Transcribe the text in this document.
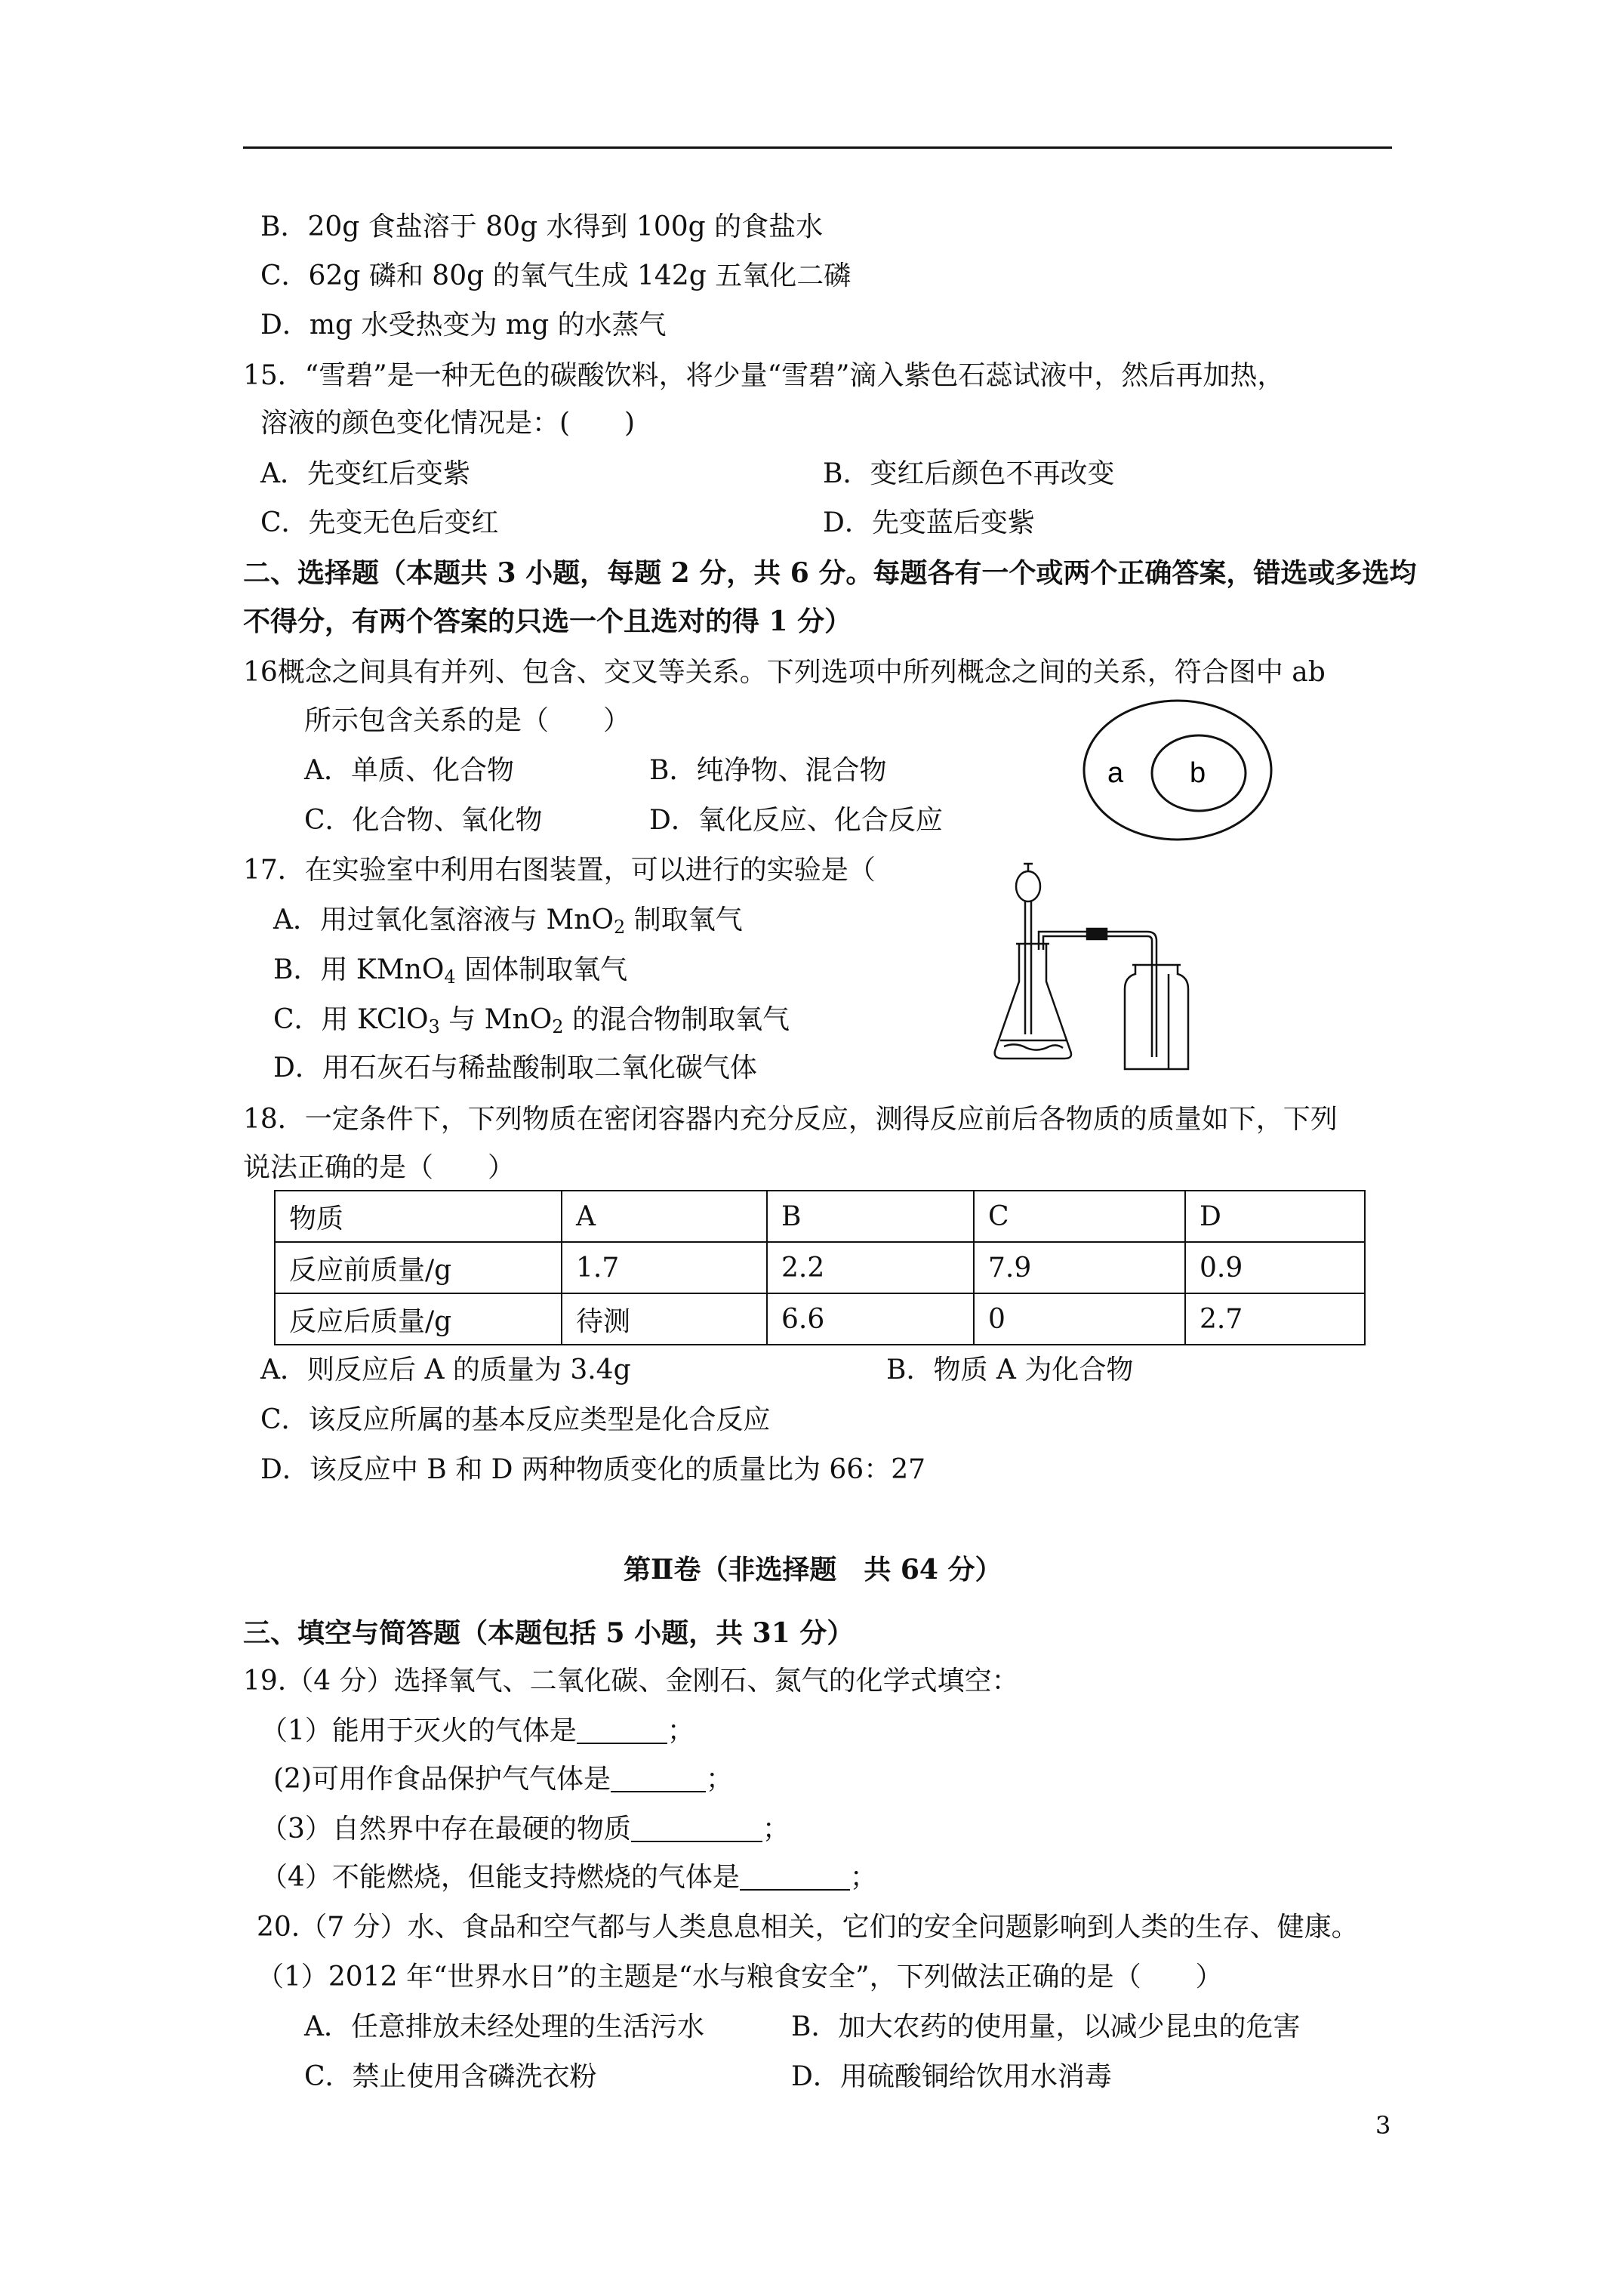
B．20g 食盐溶于 80g 水得到 100g 的食盐水
C．62g 磷和 80g 的氧气生成 142g 五氧化二磷
D．mg 水受热变为 mg 的水蒸气
15．“雪碧”是一种无色的碳酸饮料，将少量“雪碧”滴入紫色石蕊试液中，然后再加热，
溶液的颜色变化情况是：(　　)
A．先变红后变紫	B．变红后颜色不再改变
C．先变无色后变红	D．先变蓝后变紫
二、选择题（本题共 3 小题，每题 2 分，共 6 分。每题各有一个或两个正确答案，错选或多选均
不得分，有两个答案的只选一个且选对的得 1 分）
16概念之间具有并列、包含、交叉等关系。下列选项中所列概念之间的关系，符合图中 ab
所示包含关系的是（　　）
A．单质、化合物	B．纯净物、混合物
C．化合物、氧化物	D．氧化反应、化合反应
a b
17．在实验室中利用右图装置，可以进行的实验是（
A．用过氧化氢溶液与 MnO$_2$ 制取氧气
B．用 KMnO$_4$ 固体制取氧气
C．用 KClO$_3$ 与 MnO$_2$ 的混合物制取氧气
D．用石灰石与稀盐酸制取二氧化碳气体
18．一定条件下，下列物质在密闭容器内充分反应，测得反应前后各物质的质量如下，下列
说法正确的是（　　）
物质	A	B	C	D
反应前质量/g	1.7	2.2	7.9	0.9
反应后质量/g	待测	6.6	0	2.7
A．则反应后 A 的质量为 3.4g	B．物质 A 为化合物
C．该反应所属的基本反应类型是化合反应
D．该反应中 B 和 D 两种物质变化的质量比为 66：27
第Ⅱ卷（非选择题　共 64 分）
三、填空与简答题（本题包括 5 小题，共 31 分）
19.（4 分）选择氧气、二氧化碳、金刚石、氮气的化学式填空：
（1）能用于灭火的气体是	；
(2)可用作食品保护气气体是	；
（3）自然界中存在最硬的物质	；
（4）不能燃烧，但能支持燃烧的气体是	；
20.（7 分）水、食品和空气都与人类息息相关，它们的安全问题影响到人类的生存、健康。
（1）2012 年“世界水日”的主题是“水与粮食安全”，下列做法正确的是（　　）
A．任意排放未经处理的生活污水	B．加大农药的使用量，以减少昆虫的危害
C．禁止使用含磷洗衣粉	D．用硫酸铜给饮用水消毒
3
